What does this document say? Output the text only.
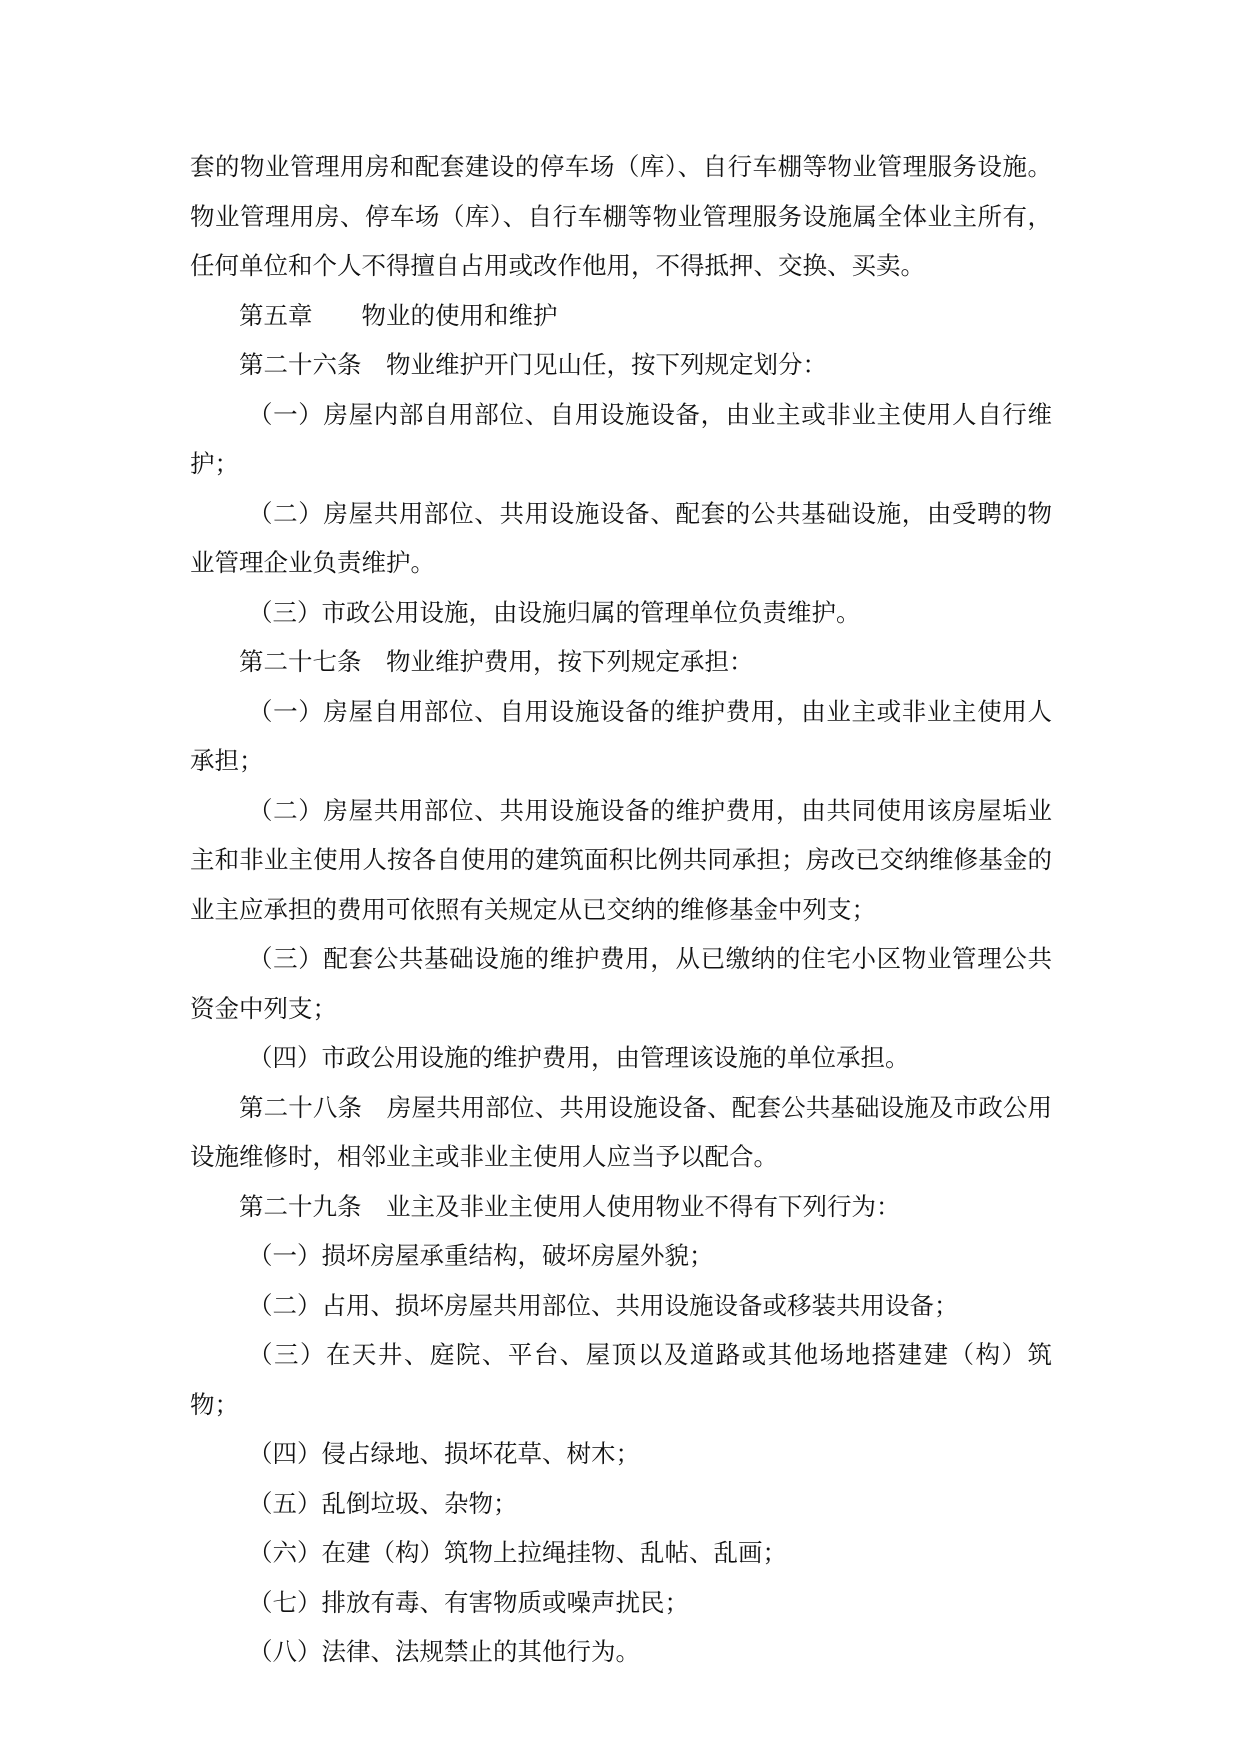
套的物业管理用房和配套建设的停车场（库）、自行车棚等物业管理服务设施。物业管理用房、停车场（库）、自行车棚等物业管理服务设施属全体业主所有，任何单位和个人不得擅自占用或改作他用，不得抵押、交换、买卖。

第五章　　物业的使用和维护

第二十六条　物业维护开门见山任，按下列规定划分：

（一）房屋内部自用部位、自用设施设备，由业主或非业主使用人自行维护；

（二）房屋共用部位、共用设施设备、配套的公共基础设施，由受聘的物业管理企业负责维护。

（三）市政公用设施，由设施归属的管理单位负责维护。

第二十七条　物业维护费用，按下列规定承担：

（一）房屋自用部位、自用设施设备的维护费用，由业主或非业主使用人承担；

（二）房屋共用部位、共用设施设备的维护费用，由共同使用该房屋垢业主和非业主使用人按各自使用的建筑面积比例共同承担；房改已交纳维修基金的业主应承担的费用可依照有关规定从已交纳的维修基金中列支；

（三）配套公共基础设施的维护费用，从已缴纳的住宅小区物业管理公共资金中列支；

（四）市政公用设施的维护费用，由管理该设施的单位承担。

第二十八条　房屋共用部位、共用设施设备、配套公共基础设施及市政公用设施维修时，相邻业主或非业主使用人应当予以配合。

第二十九条　业主及非业主使用人使用物业不得有下列行为：

（一）损坏房屋承重结构，破坏房屋外貌；

（二）占用、损坏房屋共用部位、共用设施设备或移装共用设备；

（三）在天井、庭院、平台、屋顶以及道路或其他场地搭建建（构）筑物；

（四）侵占绿地、损坏花草、树木；

（五）乱倒垃圾、杂物；

（六）在建（构）筑物上拉绳挂物、乱帖、乱画；

（七）排放有毒、有害物质或噪声扰民；

（八）法律、法规禁止的其他行为。
